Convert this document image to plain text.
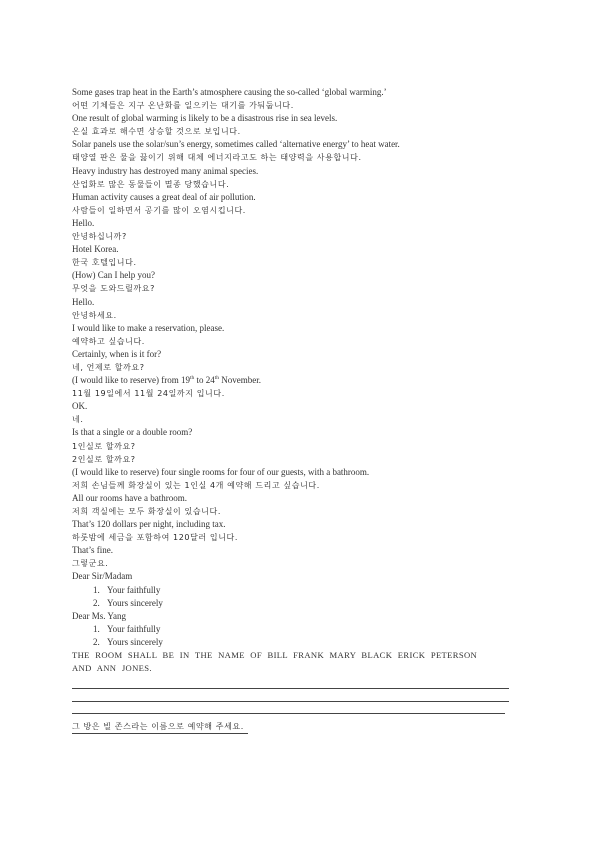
Some gases trap heat in the Earth’s atmosphere causing the so-called ‘global warming.’
어떤 기체들은 지구 온난화를 일으키는 대기를 가둬둡니다.
One result of global warming is likely to be a disastrous rise in sea levels.
온실 효과로 해수면 상승할 것으로 보입니다.
Solar panels use the solar/sun’s energy, sometimes called ‘alternative energy’ to heat water.
태양열 판은 물을 끓이기 위해 대체 에너지라고도 하는 태양력을 사용합니다.
Heavy industry has destroyed many animal species.
산업화로 많은 동물들이 멸종 당했습니다.
Human activity causes a great deal of air pollution.
사람들이 일하면서 공기를 많이 오염시킵니다.
Hello.
안녕하십니까?
Hotel Korea.
한국 호텔입니다.
(How) Can I help you?
무엇을 도와드릴까요?
Hello.
안녕하세요.
I would like to make a reservation, please.
예약하고 싶습니다.
Certainly, when is it for?
네, 언제로 할까요?
(I would like to reserve) from 19th to 24th November.
11월 19일에서 11월 24일까지 입니다.
OK.
네.
Is that a single or a double room?
1인실로 할까요?
2인실로 할까요?
(I would like to reserve) four single rooms for four of our guests, with a bathroom.
저희 손님들께 화장실이 있는 1인실 4개 예약해 드리고 싶습니다.
All our rooms have a bathroom.
저희 객실에는 모두 화장실이 있습니다.
That’s 120 dollars per night, including tax.
하룻밤에 세금을 포함하여 120달러 입니다.
That’s fine.
그렇군요.
Dear Sir/Madam
1. Your faithfully
2. Yours sincerely
Dear Ms. Yang
1. Your faithfully
2. Yours sincerely
THE ROOM SHALL BE IN THE NAME OF BILL FRANK MARY BLACK ERICK PETERSON
AND ANN JONES.
그 방은 빌 존스라는 이름으로 예약해 주세요.
